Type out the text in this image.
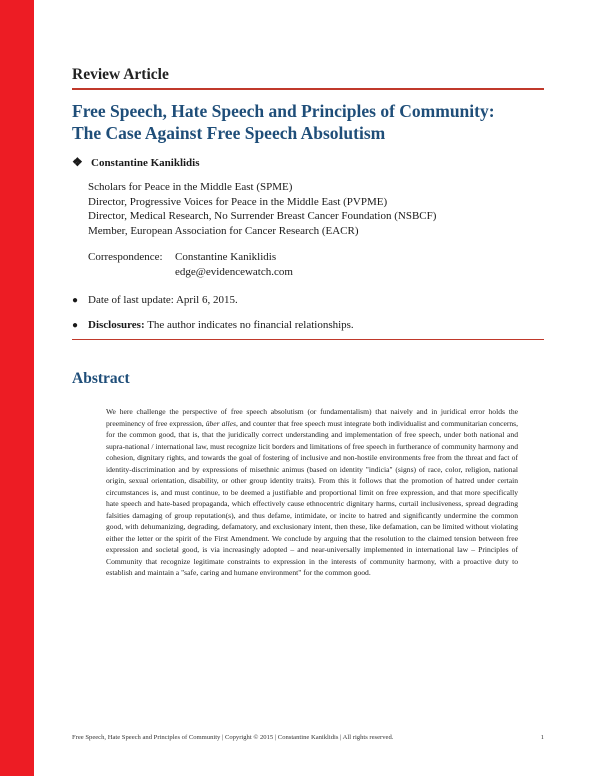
Review Article
Free Speech, Hate Speech and Principles of Community:
The Case Against Free Speech Absolutism
❖ Constantine Kaniklidis
Scholars for Peace in the Middle East (SPME)
Director, Progressive Voices for Peace in the Middle East (PVPME)
Director, Medical Research, No Surrender Breast Cancer Foundation (NSBCF)
Member, European Association for Cancer Research (EACR)
Correspondence:	Constantine Kaniklidis
edge@evidencewatch.com
● Date of last update: April 6, 2015.
● Disclosures: The author indicates no financial relationships.
Abstract
We here challenge the perspective of free speech absolutism (or fundamentalism) that naively and in juridical error holds the preeminency of free expression, über alles, and counter that free speech must integrate both individualist and communitarian concerns, for the common good, that is, that the juridically correct understanding and implementation of free speech, under both national and supra-national / international law, must recognize licit borders and limitations of free speech in furtherance of community harmony and cohesion, dignitary rights, and towards the goal of fostering of inclusive and non-hostile environments free from the threat and fact of identity-discrimination and by expressions of misethnic animus (based on identity "indicia" (signs) of race, color, religion, national origin, sexual orientation, disability, or other group identity traits). From this it follows that the promotion of hatred under certain circumstances is, and must continue, to be deemed a justifiable and proportional limit on free expression, and that more specifically hate speech and hate-based propaganda, which effectively cause ethnocentric dignitary harms, curtail inclusiveness, spread degrading falsities damaging of group reputation(s), and thus defame, intimidate, or incite to hatred and significantly undermine the common good, with dehumanizing, degrading, defamatory, and exclusionary intent, then these, like defamation, can be limited without violating either the letter or the spirit of the First Amendment. We conclude by arguing that the resolution to the claimed tension between free expression and societal good, is via increasingly adopted – and near-universally implemented in international law – Principles of Community that recognize legitimate constraints to expression in the interests of community harmony, with a proactive duty to establish and maintain a "safe, caring and humane environment" for the common good.
Free Speech, Hate Speech and Principles of Community | Copyright © 2015 | Constantine Kaniklidis | All rights reserved.	1
